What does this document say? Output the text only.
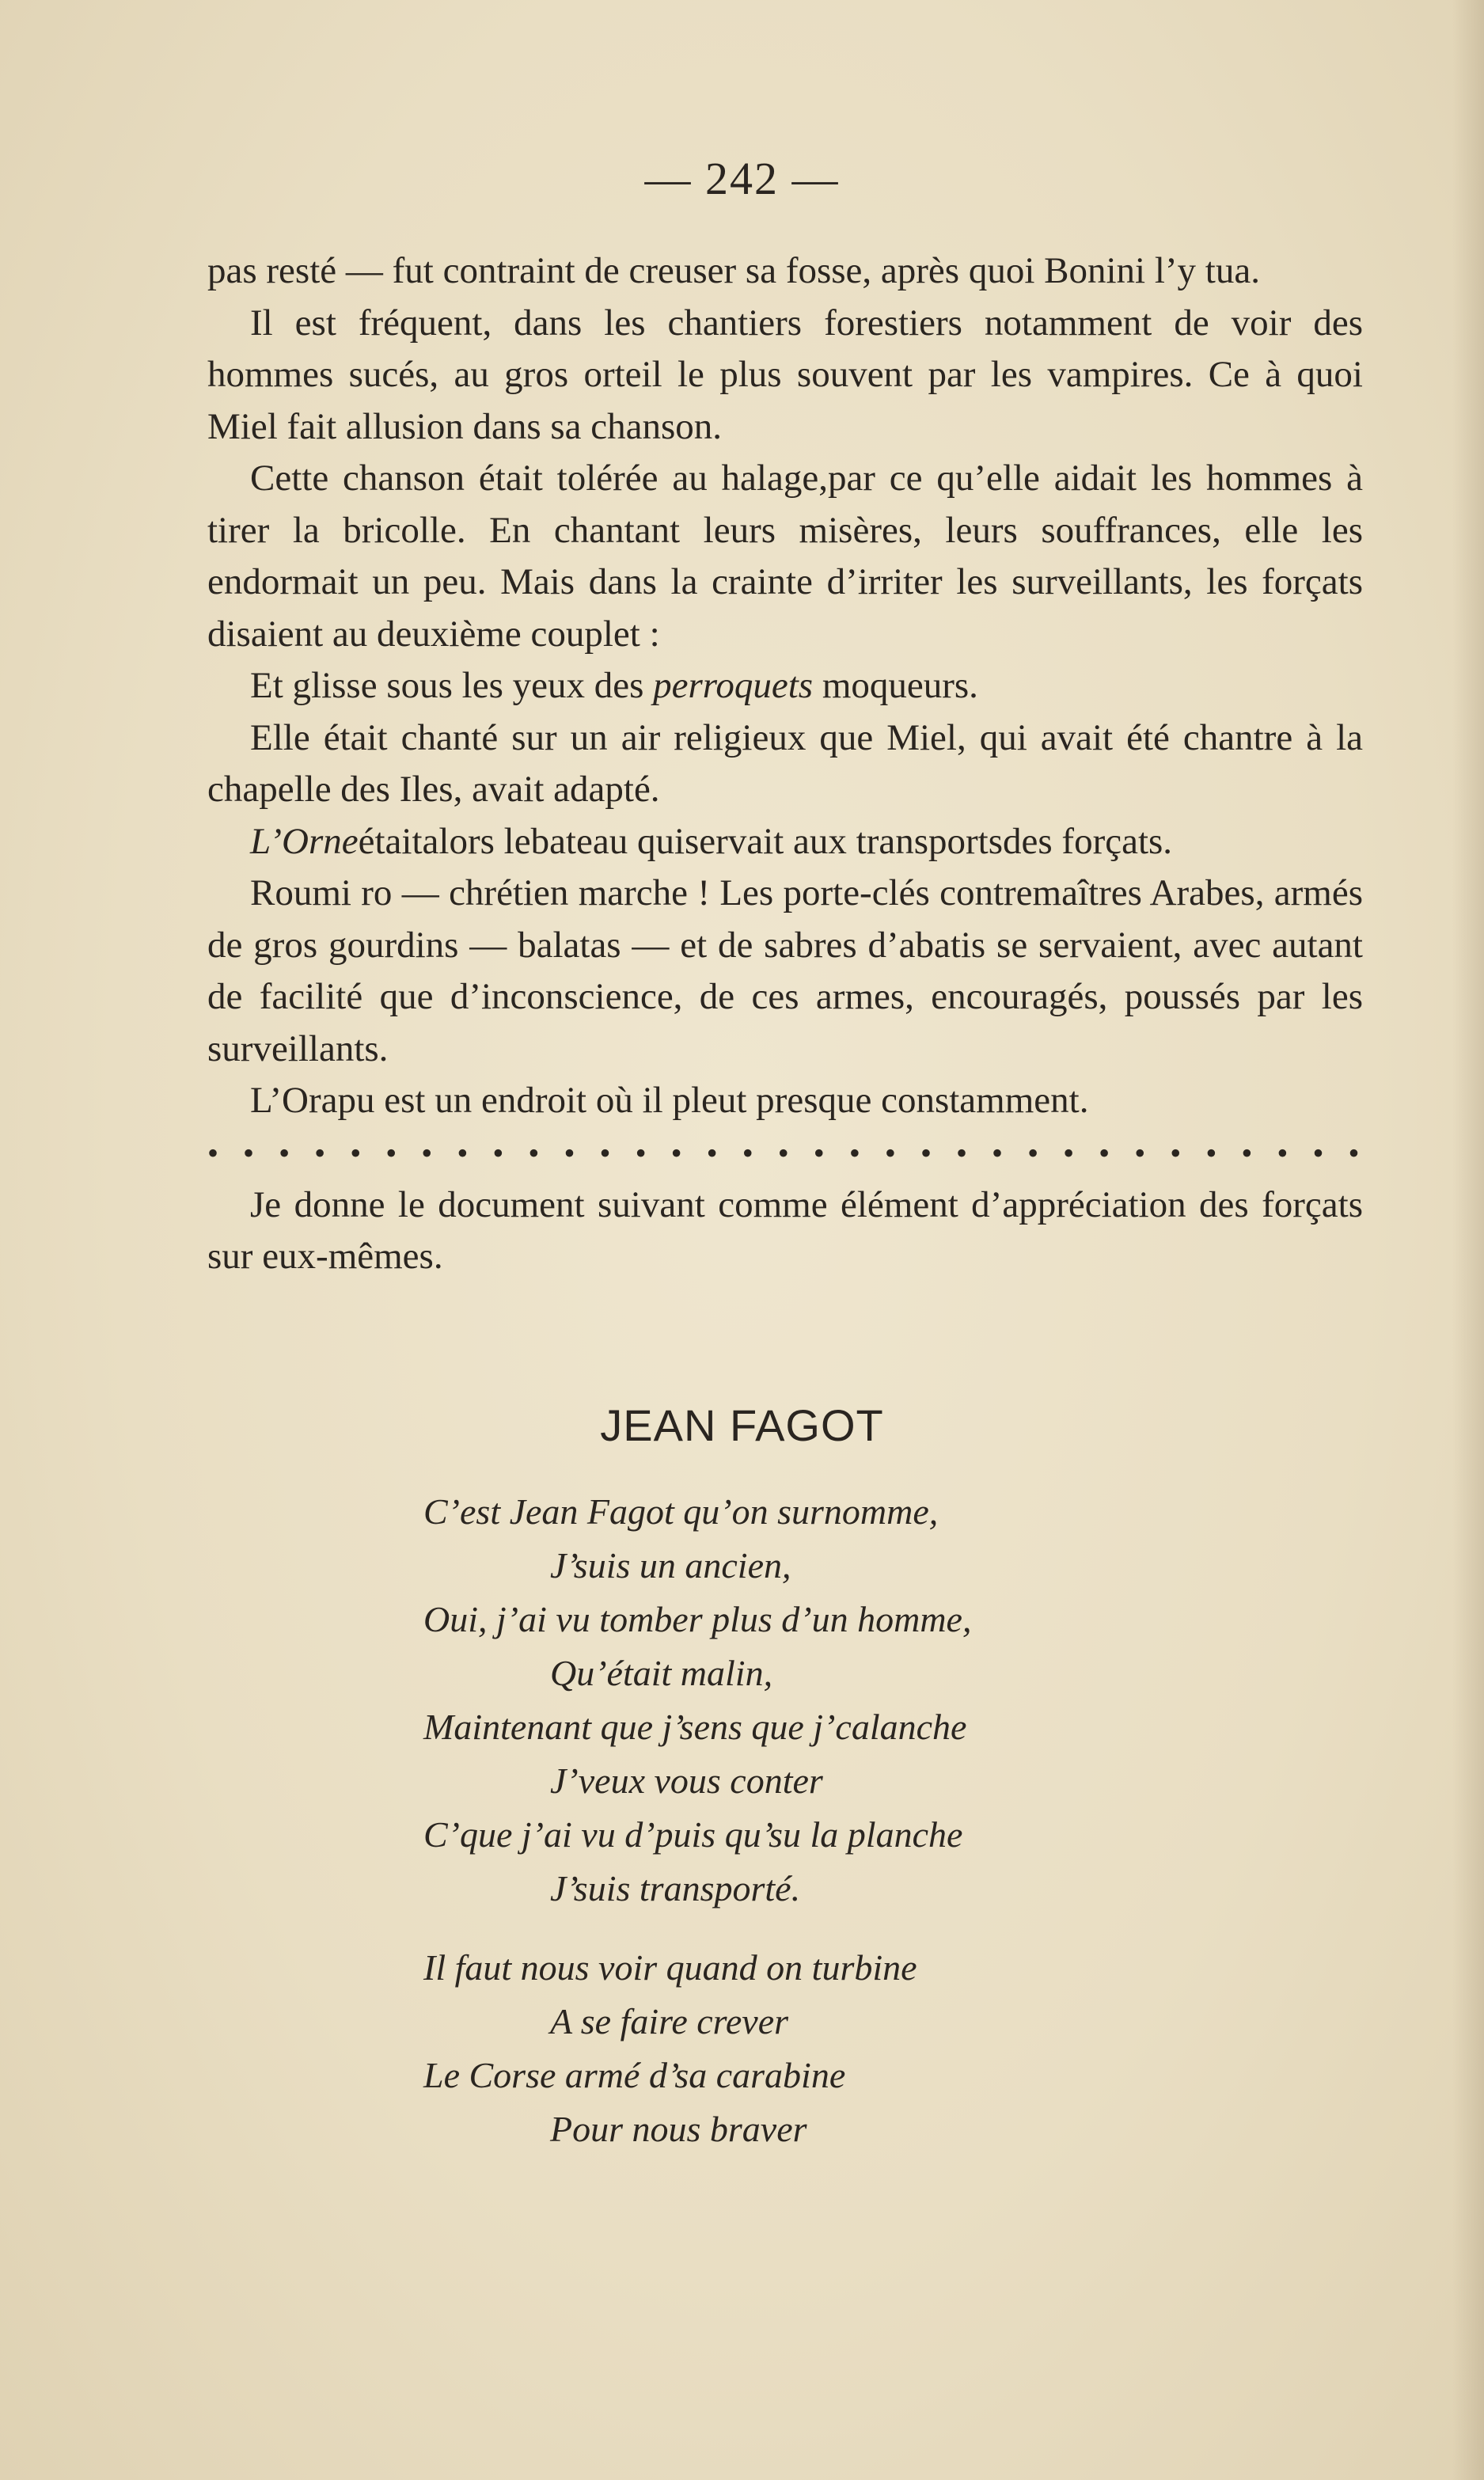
— 242 —

pas resté — fut contraint de creuser sa fosse, après quoi Bonini l’y tua.

Il est fréquent, dans les chantiers forestiers notamment de voir des hommes sucés, au gros orteil le plus souvent par les vampires. Ce à quoi Miel fait allusion dans sa chanson.

Cette chanson était tolérée au halage,par ce qu’elle aidait les hommes à tirer la bricolle. En chantant leurs misères, leurs souffrances, elle les endormait un peu. Mais dans la crainte d’irriter les surveillants, les forçats disaient au deuxième couplet :

Et glisse sous les yeux des perroquets moqueurs.

Elle était chanté sur un air religieux que Miel, qui avait été chantre à la chapelle des Iles, avait adapté.

L’Orneétaitalors lebateau quiservait aux transportsdes forçats.

Roumi ro — chrétien marche ! Les porte-clés contremaîtres Arabes, armés de gros gourdins — balatas — et de sabres d’abatis se servaient, avec autant de facilité que d’inconscience, de ces armes, encouragés, poussés par les surveillants.

L’Orapu est un endroit où il pleut presque constamment.

• • • • • • • • • • • • • • • • • • • • • • • • • • • • • • • • •

Je donne le document suivant comme élément d’appréciation des forçats sur eux-mêmes.

JEAN FAGOT
C’est Jean Fagot qu’on surnomme,
J’suis un ancien,
Oui, j’ai vu tomber plus d’un homme,
Qu’était malin,
Maintenant que j’sens que j’calanche
J’veux vous conter
C’que j’ai vu d’puis qu’su la planche
J’suis transporté.
Il faut nous voir quand on turbine
A se faire crever
Le Corse armé d’sa carabine
Pour nous braver
